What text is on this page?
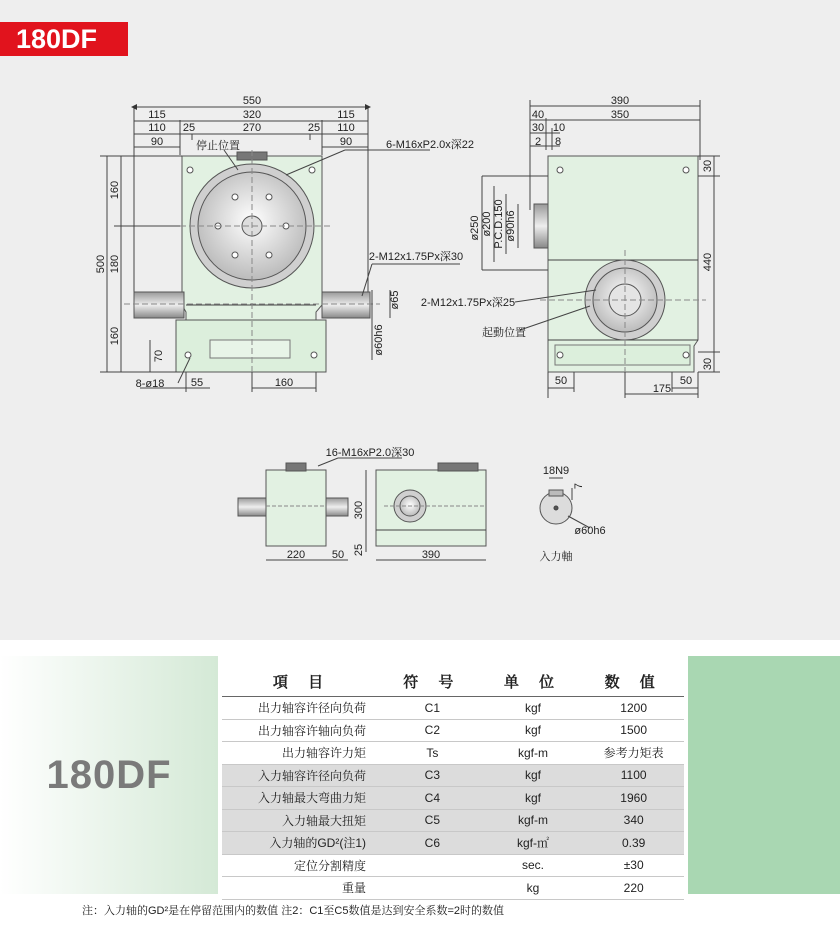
180DF
550
115	320	115
110 25	270	25 110
90	90
停止位置	6-M16xP2.0x深22
2-M12x1.75Px深30
ø65
ø60h6
160
500 180
160
70
8-ø18 55	160
390
40	350
30 10
2 8
ø250 ø200 P.C.D.150 ø90h6
2-M12x1.75Px深25
起動位置
30
440
30
50
175
50
16-M16xP2.0深30
300
25
220 50	390
18N9
7
ø60h6
入力軸
180DF
項 目	符 号	单 位	数 值
出力轴容许径向负荷	C1	kgf	1200
出力轴容许轴向负荷	C2	kgf	1500
出力轴容许力矩	Ts	kgf-m	参考力矩表
入力轴容许径向负荷	C3	kgf	1100
入力轴最大弯曲力矩	C4	kgf	1960
入力轴最大扭矩	C5	kgf-m	340
入力轴的GD²(注1)	C6	kgf-㎡	0.39
定位分割精度		sec.	±30
重量		kg	220
注：入力轴的GD²是在停留范围内的数值 注2：C1至C5数值是达到安全系数=2时的数值
